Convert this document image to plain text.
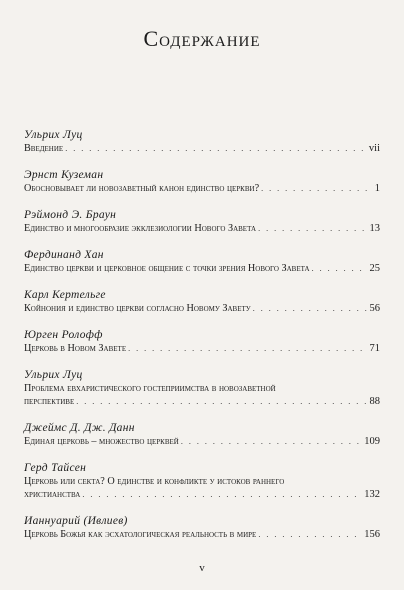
Содержание
Ульрих Луц
Введение . . .	vii
Эрнст Куземан
Обосновывает ли новозаветный канон единство церкви? . . .	1
Рэймонд Э. Браун
Единство и многообразие экклезиологии Нового Завета . . .	13
Фердинанд Хан
Единство церкви и церковное общение с точки зрения Нового Завета . . .	25
Карл Кертельге
Койнония и единство церкви согласно Новому Завету . . .	56
Юрген Ролофф
Церковь в Новом Завете . . .	71
Ульрих Луц
Проблема евхаристического гостеприимства в новозаветной
перспективе . . .	88
Джеймс Д. Дж. Данн
Единая церковь – множество церквей . . .	109
Герд Тайсен
Церковь или секта? О единстве и конфликте у истоков раннего
христианства . . .	132
Ианнуарий (Ивлиев)
Церковь Божья как эсхатологическая реальность в мире . . .	156
v
